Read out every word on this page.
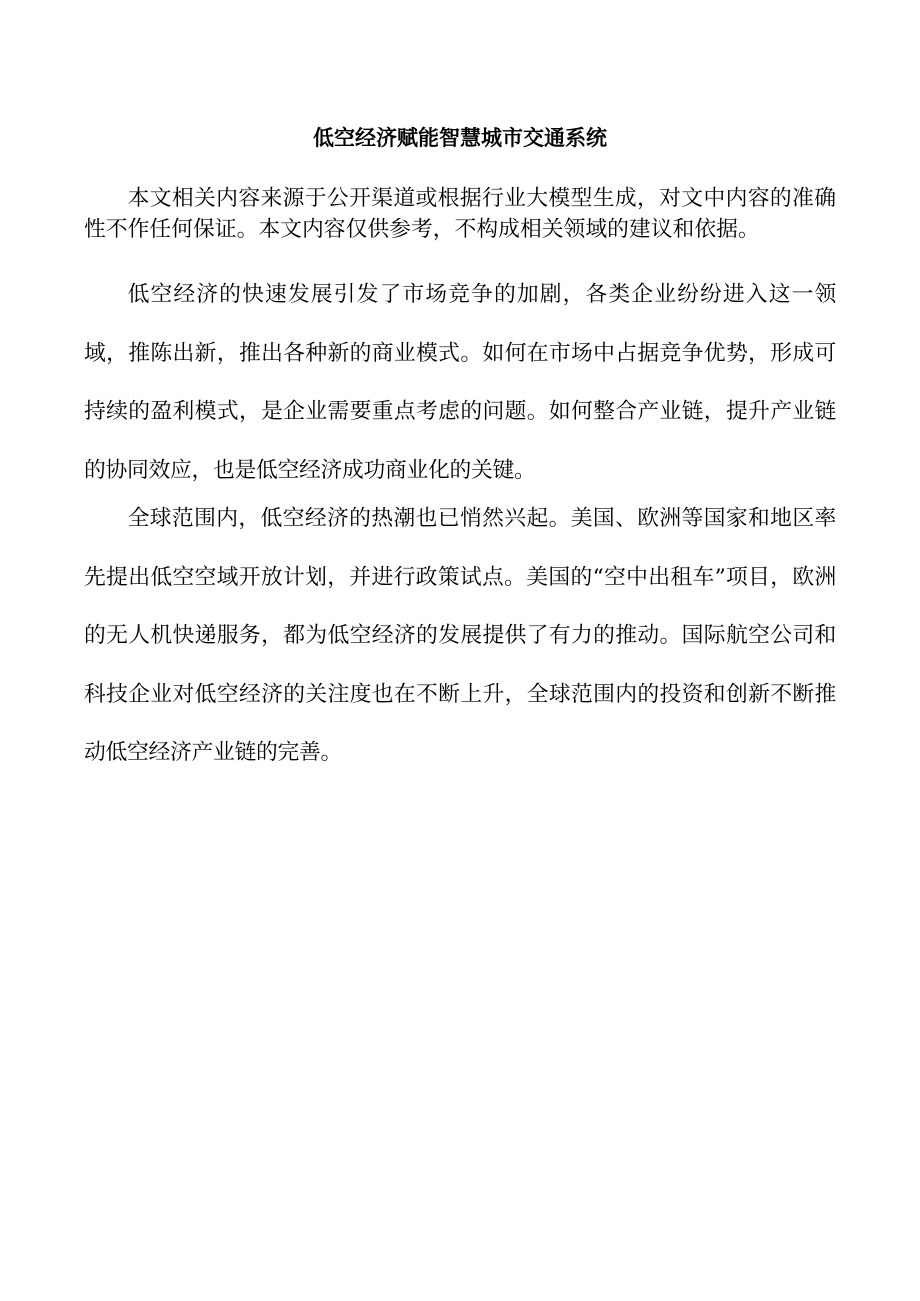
低空经济赋能智慧城市交通系统

本文相关内容来源于公开渠道或根据行业大模型生成，对文中内容的准确性不作任何保证。本文内容仅供参考，不构成相关领域的建议和依据。

低空经济的快速发展引发了市场竞争的加剧，各类企业纷纷进入这一领域，推陈出新，推出各种新的商业模式。如何在市场中占据竞争优势，形成可持续的盈利模式，是企业需要重点考虑的问题。如何整合产业链，提升产业链的协同效应，也是低空经济成功商业化的关键。

全球范围内，低空经济的热潮也已悄然兴起。美国、欧洲等国家和地区率先提出低空空域开放计划，并进行政策试点。美国的“空中出租车”项目，欧洲的无人机快递服务，都为低空经济的发展提供了有力的推动。国际航空公司和科技企业对低空经济的关注度也在不断上升，全球范围内的投资和创新不断推动低空经济产业链的完善。
